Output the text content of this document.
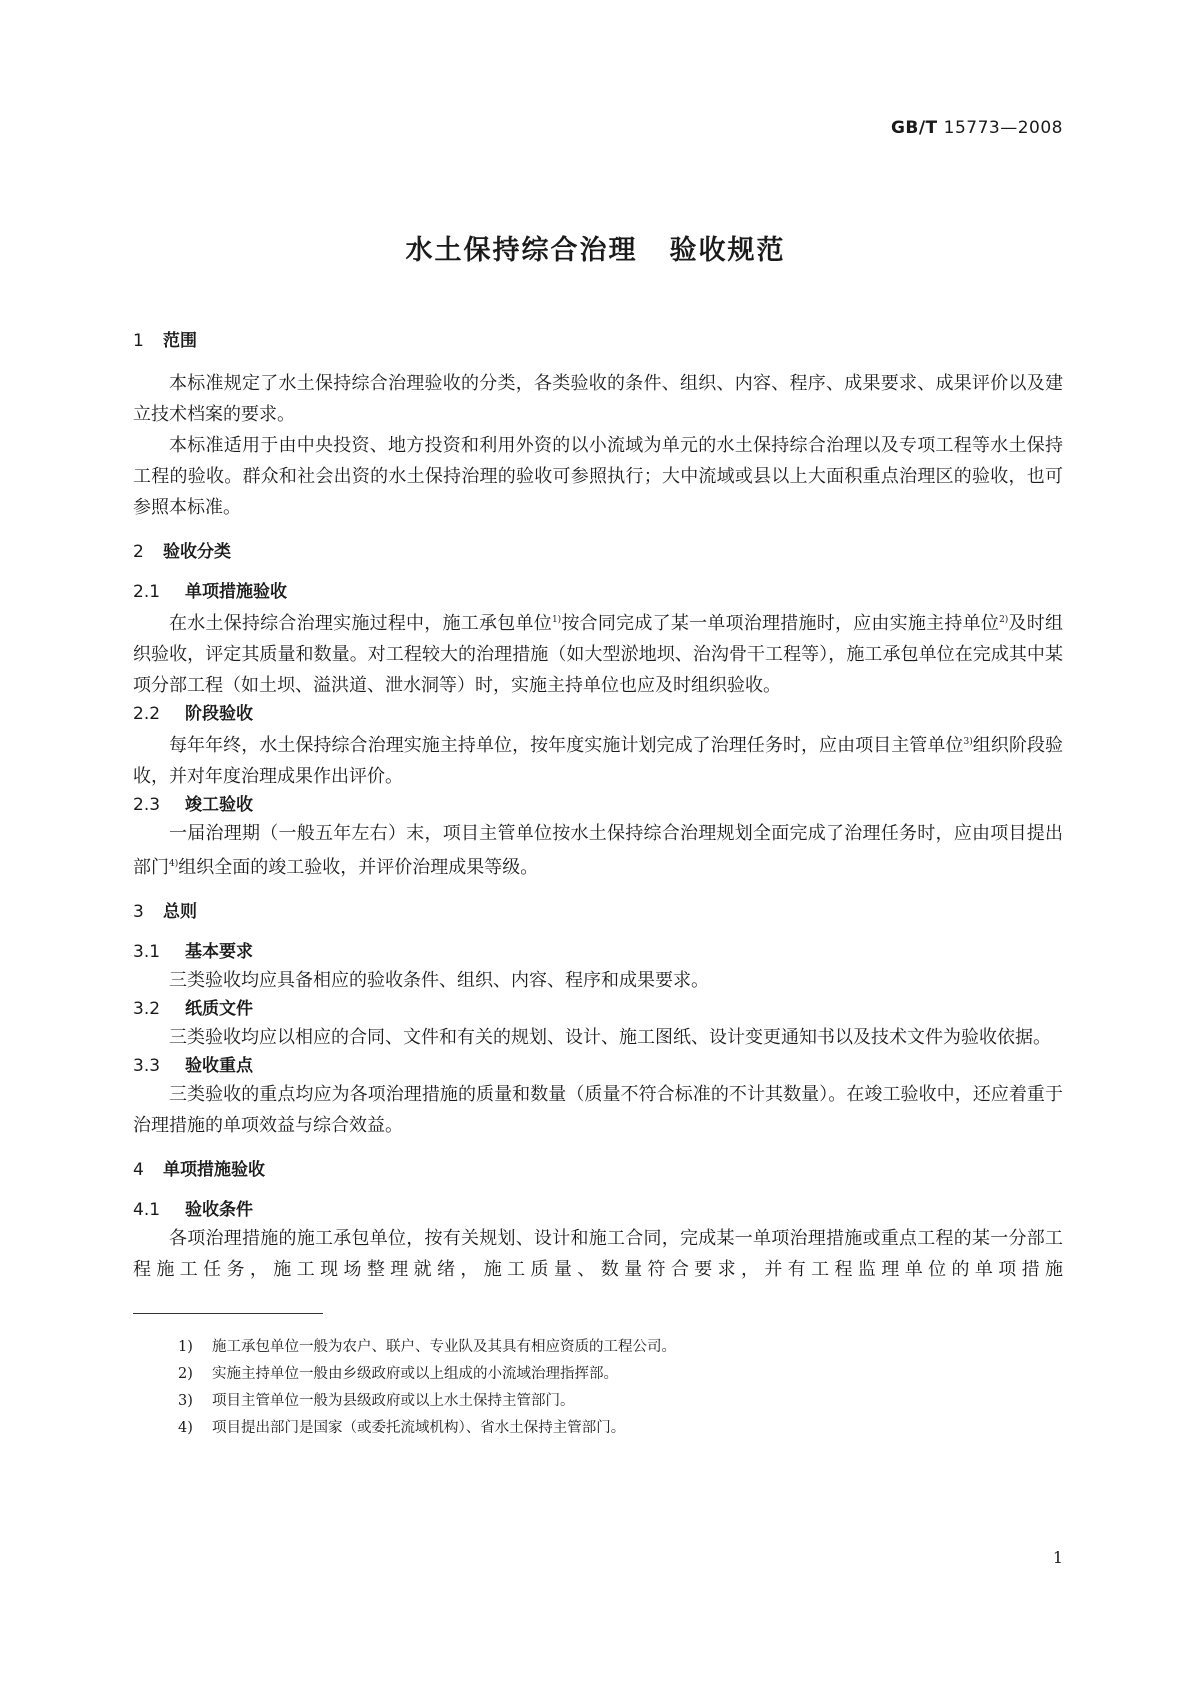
GB/T 15773—2008
水土保持综合治理 验收规范
1 范围

本标准规定了水土保持综合治理验收的分类，各类验收的条件、组织、内容、程序、成果要求、成果评价以及建立技术档案的要求。

本标准适用于由中央投资、地方投资和利用外资的以小流域为单元的水土保持综合治理以及专项工程等水土保持工程的验收。群众和社会出资的水土保持治理的验收可参照执行；大中流域或县以上大面积重点治理区的验收，也可参照本标准。

2 验收分类
2.1 单项措施验收

在水土保持综合治理实施过程中，施工承包单位$^{1)}$按合同完成了某一单项治理措施时，应由实施主持单位$^{2)}$及时组织验收，评定其质量和数量。对工程较大的治理措施（如大型淤地坝、治沟骨干工程等），施工承包单位在完成其中某项分部工程（如土坝、溢洪道、泄水洞等）时，实施主持单位也应及时组织验收。

2.2 阶段验收

每年年终，水土保持综合治理实施主持单位，按年度实施计划完成了治理任务时，应由项目主管单位$^{3)}$组织阶段验收，并对年度治理成果作出评价。

2.3 竣工验收

一届治理期（一般五年左右）末，项目主管单位按水土保持综合治理规划全面完成了治理任务时，应由项目提出部门$^{4)}$组织全面的竣工验收，并评价治理成果等级。

3 总则
3.1 基本要求

三类验收均应具备相应的验收条件、组织、内容、程序和成果要求。

3.2 纸质文件

三类验收均应以相应的合同、文件和有关的规划、设计、施工图纸、设计变更通知书以及技术文件为验收依据。

3.3 验收重点

三类验收的重点均应为各项治理措施的质量和数量（质量不符合标准的不计其数量）。在竣工验收中，还应着重于治理措施的单项效益与综合效益。

4 单项措施验收
4.1 验收条件

各项治理措施的施工承包单位，按有关规划、设计和施工合同，完成某一单项治理措施或重点工程的某一分部工程施工任务，施工现场整理就绪，施工质量、数量符合要求，并有工程监理单位的单项措施

1) 施工承包单位一般为农户、联户、专业队及其具有相应资质的工程公司。

2) 实施主持单位一般由乡级政府或以上组成的小流域治理指挥部。

3) 项目主管单位一般为县级政府或以上水土保持主管部门。

4) 项目提出部门是国家（或委托流域机构）、省水土保持主管部门。

1
